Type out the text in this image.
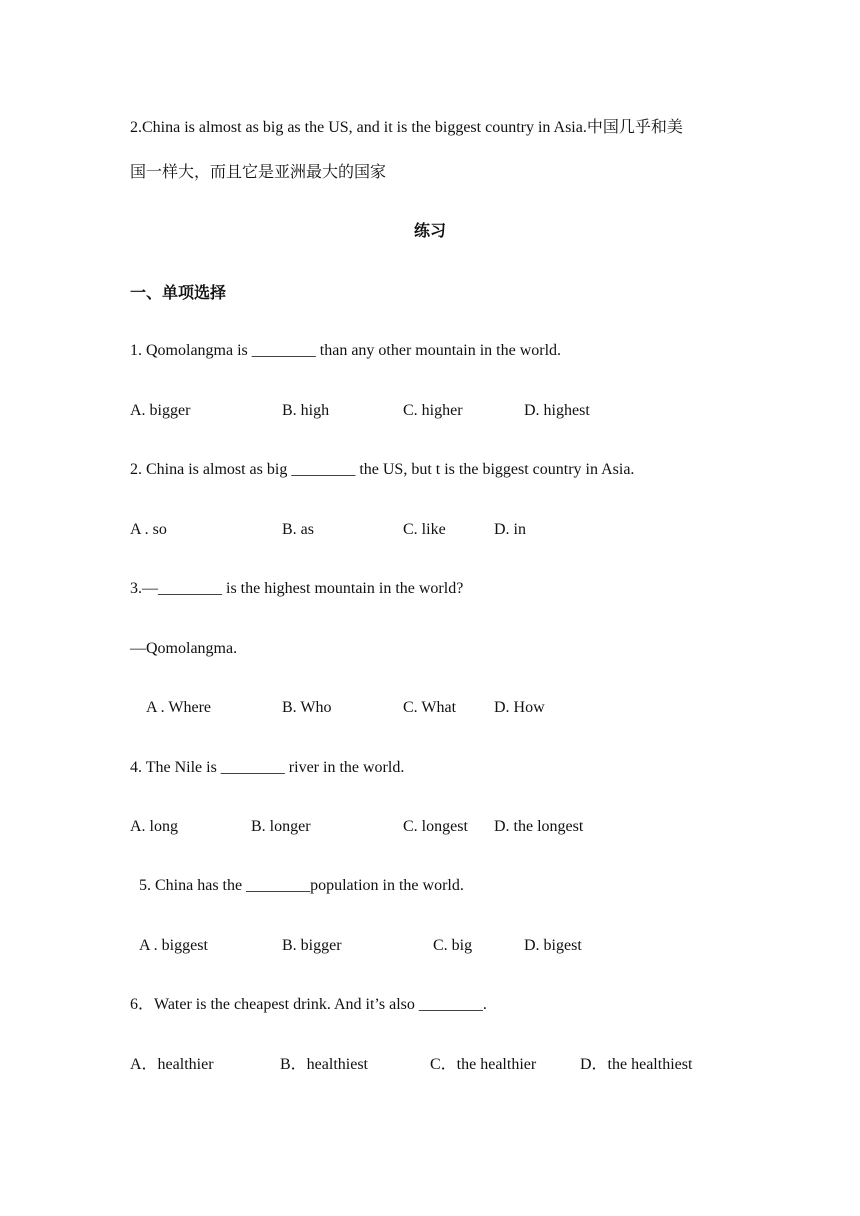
2.China is almost as big as the US, and it is the biggest country in Asia.中国几乎和美
国一样大，而且它是亚洲最大的国家
练习
一、单项选择
1. Qomolangma is ________ than any other mountain in the world.
A. bigger	B. high	C. higher	D. highest
2. China is almost as big ________ the US, but t is the biggest country in Asia.
A . so	B. as	C. like	D. in
3.—________ is the highest mountain in the world?
—Qomolangma.
A . Where	B. Who	C. What D. How
4. The Nile is ________ river in the world.
A. long	B. longer	C. longest D. the longest
5. China has the ________population in the world.
A . biggest	B. bigger	C. big	D. bigest
6．Water is the cheapest drink. And it’s also ________.
A．healthier	B．healthiest	C．the healthier	D．the healthiest
